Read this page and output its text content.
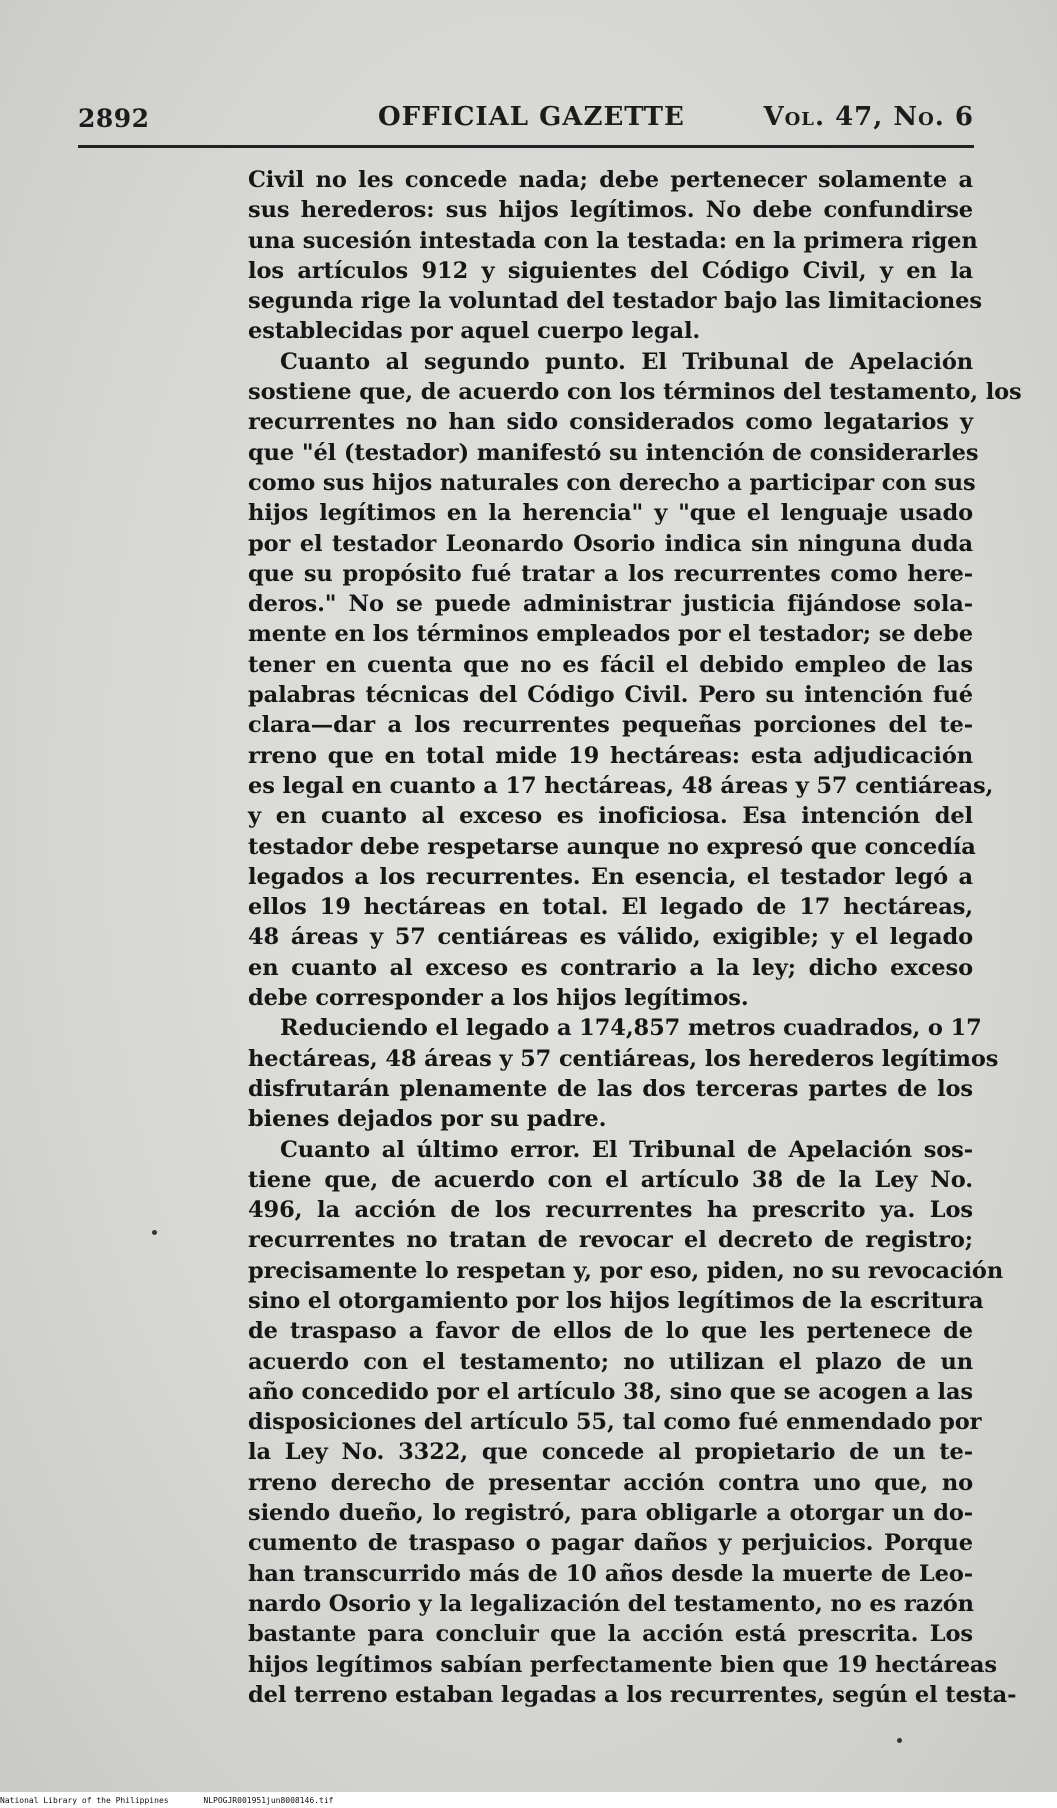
2892	OFFICIAL GAZETTE	Vol. 47, No. 6
Civil no les concede nada; debe pertenecer solamente a
sus herederos: sus hijos legítimos. No debe confundirse
una sucesión intestada con la testada: en la primera rigen
los artículos 912 y siguientes del Código Civil, y en la
segunda rige la voluntad del testador bajo las limitaciones
establecidas por aquel cuerpo legal.
Cuanto al segundo punto. El Tribunal de Apelación
sostiene que, de acuerdo con los términos del testamento, los
recurrentes no han sido considerados como legatarios y
que "él (testador) manifestó su intención de considerarles
como sus hijos naturales con derecho a participar con sus
hijos legítimos en la herencia" y "que el lenguaje usado
por el testador Leonardo Osorio indica sin ninguna duda
que su propósito fué tratar a los recurrentes como here-
deros." No se puede administrar justicia fijándose sola-
mente en los términos empleados por el testador; se debe
tener en cuenta que no es fácil el debido empleo de las
palabras técnicas del Código Civil. Pero su intención fué
clara—dar a los recurrentes pequeñas porciones del te-
rreno que en total mide 19 hectáreas: esta adjudicación
es legal en cuanto a 17 hectáreas, 48 áreas y 57 centiáreas,
y en cuanto al exceso es inoficiosa. Esa intención del
testador debe respetarse aunque no expresó que concedía
legados a los recurrentes. En esencia, el testador legó a
ellos 19 hectáreas en total. El legado de 17 hectáreas,
48 áreas y 57 centiáreas es válido, exigible; y el legado
en cuanto al exceso es contrario a la ley; dicho exceso
debe corresponder a los hijos legítimos.
Reduciendo el legado a 174,857 metros cuadrados, o 17
hectáreas, 48 áreas y 57 centiáreas, los herederos legítimos
disfrutarán plenamente de las dos terceras partes de los
bienes dejados por su padre.
Cuanto al último error. El Tribunal de Apelación sos-
tiene que, de acuerdo con el artículo 38 de la Ley No.
496, la acción de los recurrentes ha prescrito ya. Los
recurrentes no tratan de revocar el decreto de registro;
precisamente lo respetan y, por eso, piden, no su revocación
sino el otorgamiento por los hijos legítimos de la escritura
de traspaso a favor de ellos de lo que les pertenece de
acuerdo con el testamento; no utilizan el plazo de un
año concedido por el artículo 38, sino que se acogen a las
disposiciones del artículo 55, tal como fué enmendado por
la Ley No. 3322, que concede al propietario de un te-
rreno derecho de presentar acción contra uno que, no
siendo dueño, lo registró, para obligarle a otorgar un do-
cumento de traspaso o pagar daños y perjuicios. Porque
han transcurrido más de 10 años desde la muerte de Leo-
nardo Osorio y la legalización del testamento, no es razón
bastante para concluir que la acción está prescrita. Los
hijos legítimos sabían perfectamente bien que 19 hectáreas
del terreno estaban legadas a los recurrentes, según el testa-
National Library of the Philippines	NLPOGJR001951jun8008146.tif
